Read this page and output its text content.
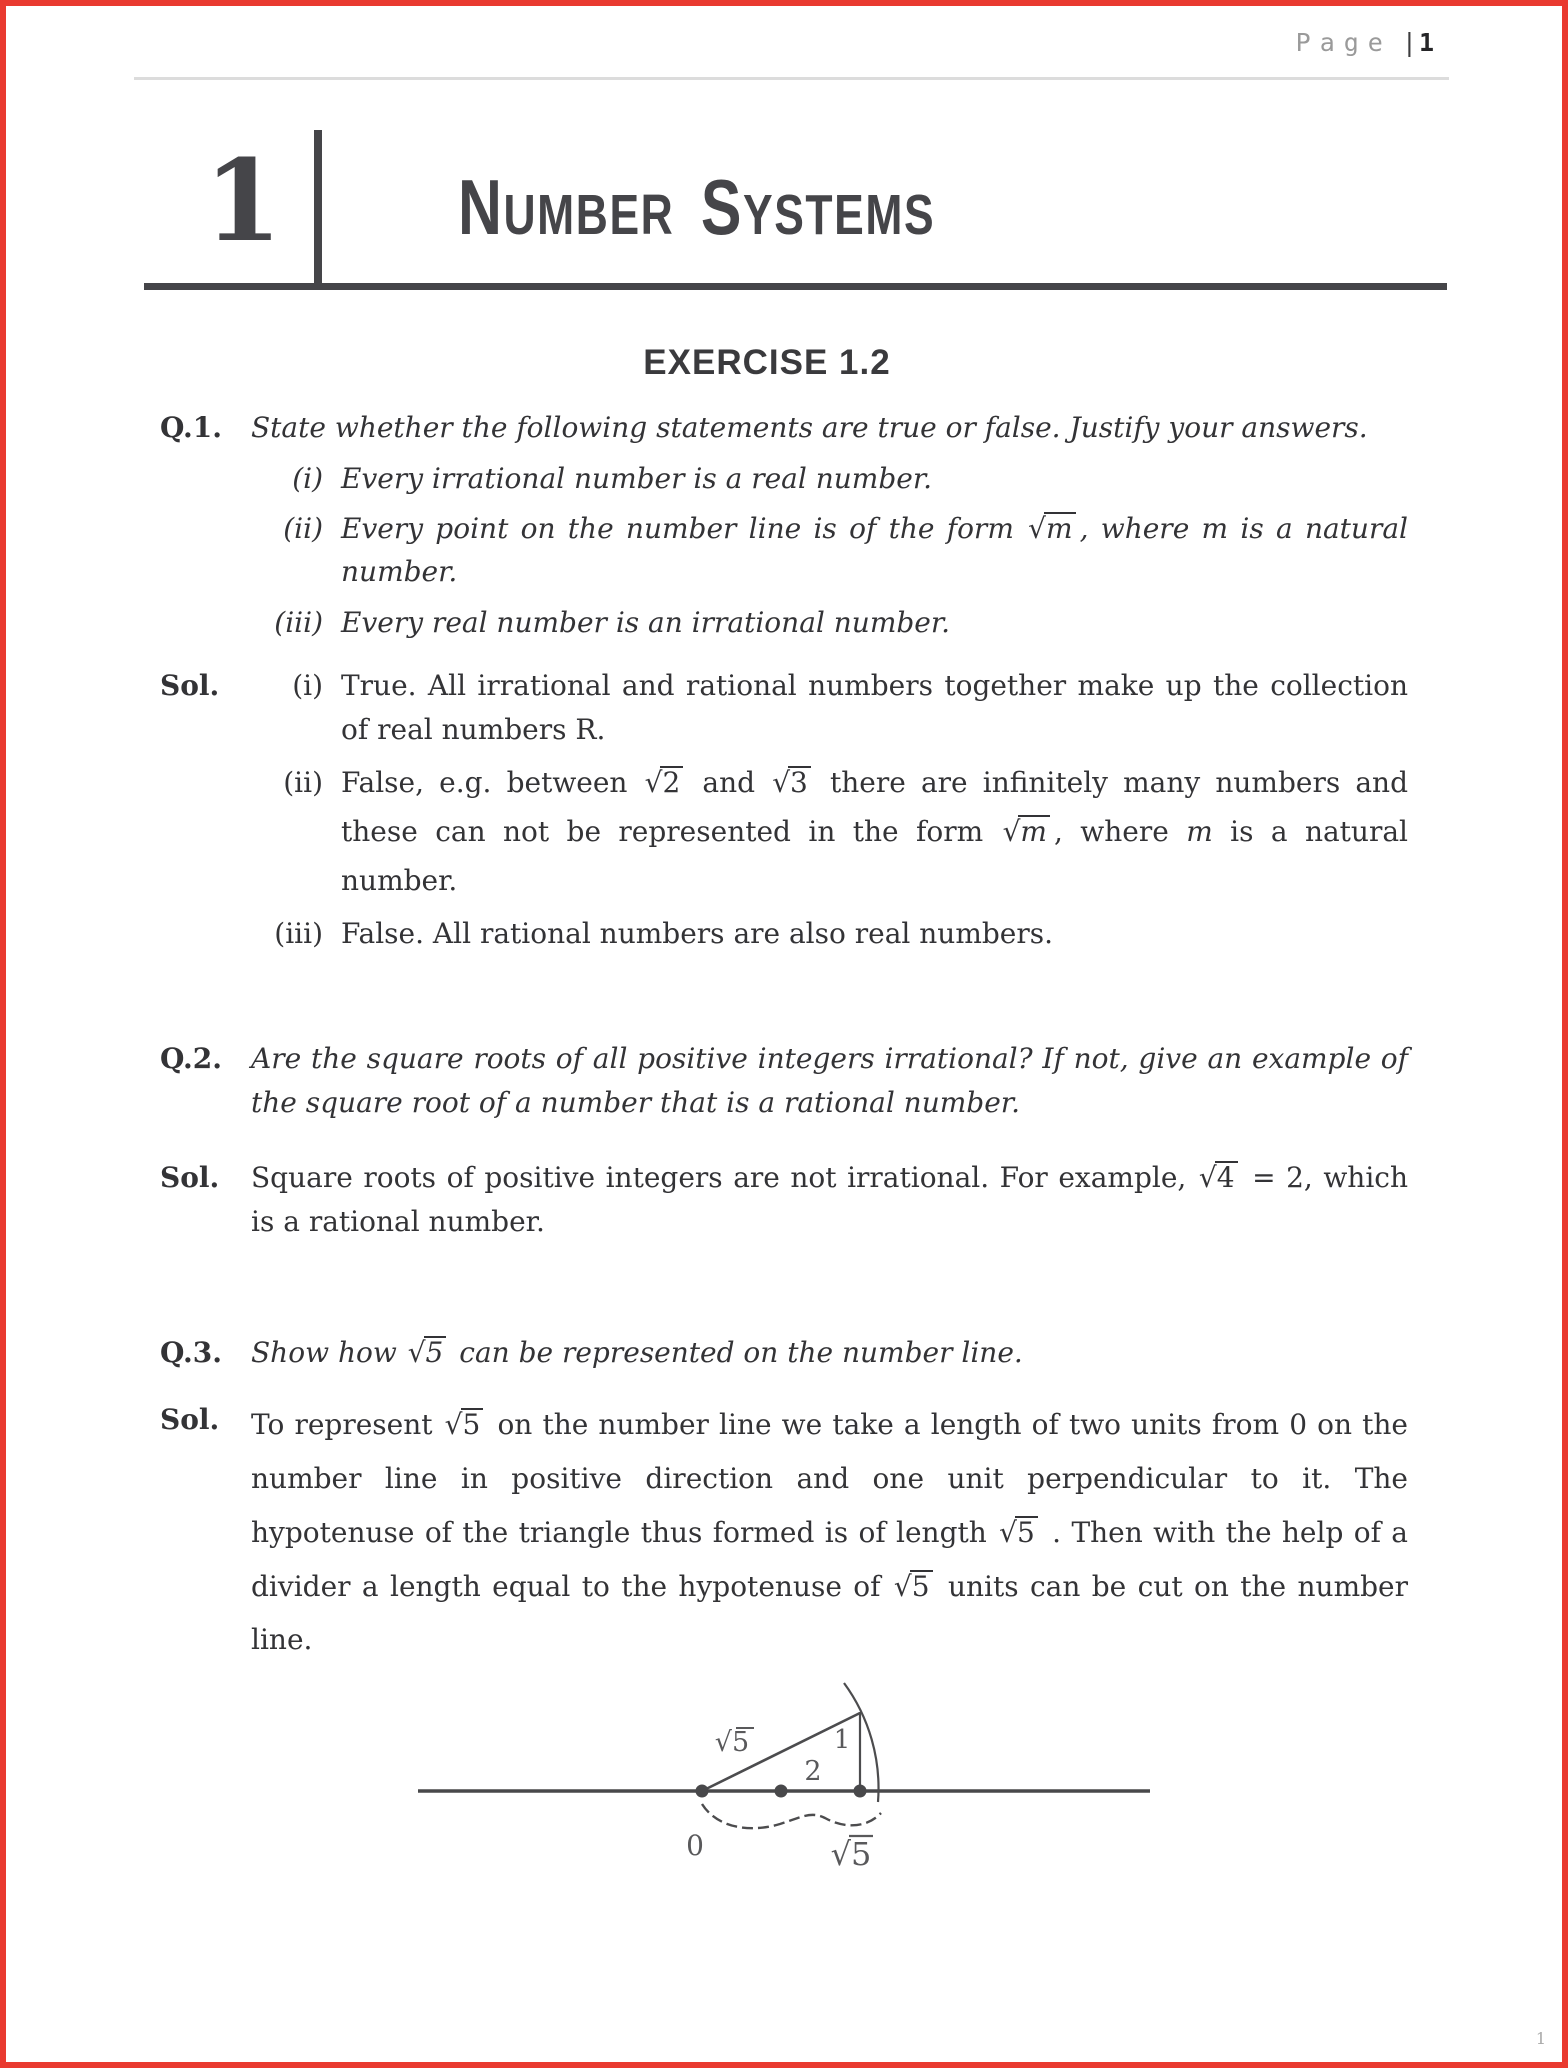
Page |1
1 NUMBER SYSTEMS
EXERCISE 1.2
Q.1.	State whether the following statements are true or false. Justify your answers.
(i) Every irrational number is a real number.
(ii) Every point on the number line is of the form √m , where m is a natural number.
(iii) Every real number is an irrational number.
Sol.	(i) True. All irrational and rational numbers together make up the collection of real numbers R.
(ii) False, e.g. between √2 and √3 there are infinitely many numbers and these can not be represented in the form √m , where m is a natural number.
(iii) False. All rational numbers are also real numbers.
Q.2.	Are the square roots of all positive integers irrational? If not, give an example of the square root of a number that is a rational number.
Sol.	Square roots of positive integers are not irrational. For example, √4 = 2, which is a rational number.
Q.3.	Show how √5 can be represented on the number line.
Sol.	To represent √5 on the number line we take a length of two units from 0 on the number line in positive direction and one unit perpendicular to it. The hypotenuse of the triangle thus formed is of length √5 . Then with the help of a divider a length equal to the hypotenuse of √5 units can be cut on the number line.
√5	1
2
0	√5
1
